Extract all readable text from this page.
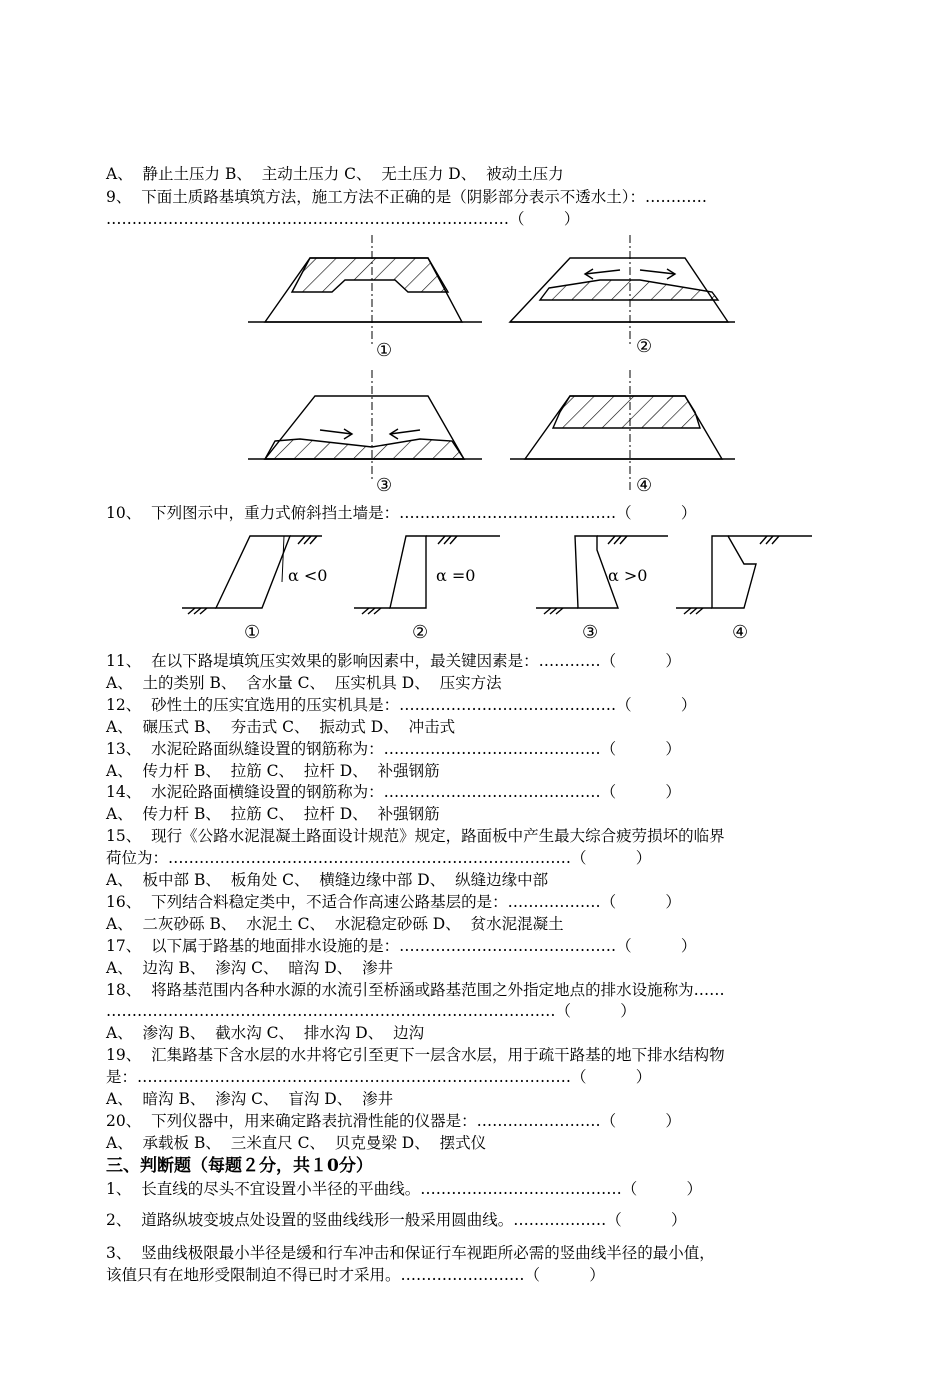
A、  静止土压力 B、  主动土压力 C、  无土压力 D、  被动土压力
9、  下面土质路基填筑方法，施工方法不正确的是（阴影部分表示不透水土）：…………
……………………………………………………………………（        ）
①	②
③	④
10、  下列图示中，重力式俯斜挡土墙是：……………………………………（          ）
α <0	α =0	α >0
①	②	③	④
11、  在以下路堤填筑压实效果的影响因素中，最关键因素是：…………（          ）
A、  土的类别 B、  含水量 C、  压实机具 D、  压实方法
12、  砂性土的压实宜选用的压实机具是：……………………………………（          ）
A、  碾压式 B、  夯击式 C、  振动式 D、  冲击式
13、  水泥砼路面纵缝设置的钢筋称为：……………………………………（          ）
A、  传力杆 B、  拉筋 C、  拉杆 D、  补强钢筋
14、  水泥砼路面横缝设置的钢筋称为：……………………………………（          ）
A、  传力杆 B、  拉筋 C、  拉杆 D、  补强钢筋
15、  现行《公路水泥混凝土路面设计规范》规定，路面板中产生最大综合疲劳损坏的临界
荷位为：……………………………………………………………………（          ）
A、  板中部 B、  板角处 C、  横缝边缘中部 D、  纵缝边缘中部
16、  下列结合料稳定类中，不适合作高速公路基层的是：………………（          ）
A、  二灰砂砾 B、  水泥土 C、  水泥稳定砂砾 D、  贫水泥混凝土
17、  以下属于路基的地面排水设施的是：……………………………………（          ）
A、  边沟 B、  渗沟 C、  暗沟 D、  渗井
18、  将路基范围内各种水源的水流引至桥涵或路基范围之外指定地点的排水设施称为……
……………………………………………………………………………（          ）
A、  渗沟 B、  截水沟 C、  排水沟 D、  边沟
19、  汇集路基下含水层的水井将它引至更下一层含水层，用于疏干路基的地下排水结构物
是：…………………………………………………………………………（          ）
A、  暗沟 B、  渗沟 C、  盲沟 D、  渗井
20、  下列仪器中，用来确定路表抗滑性能的仪器是：……………………（          ）
A、  承载板 B、  三米直尺 C、  贝克曼梁 D、  摆式仪
三、判断题（每题２分，共１0分）
1、  长直线的尽头不宜设置小半径的平曲线。…………………………………（          ）
2、  道路纵坡变坡点处设置的竖曲线线形一般采用圆曲线。………………（          ）
3、  竖曲线极限最小半径是缓和行车冲击和保证行车视距所必需的竖曲线半径的最小值，
该值只有在地形受限制迫不得已时才采用。……………………（          ）
